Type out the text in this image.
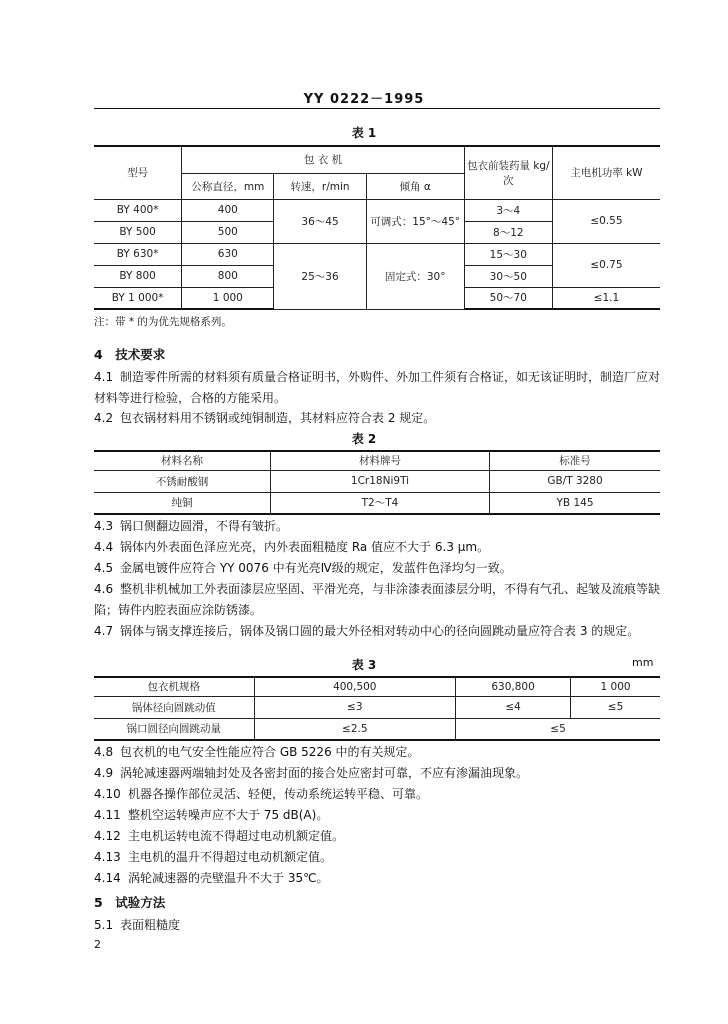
YY 0222－1995
表 1
型号	包 衣 机			包衣前装药量 kg/次	主电机功率 kW
	公称直径，mm	转速，r/min	倾角 α		
BY 400*	400	36～45	可调式：15°～45°	3～4	≤0.55
BY 500	500			8～12	
BY 630*	630	25～36	固定式：30°	15～30	≤0.75
BY 800	800			30～50	
BY 1 000*	1 000			50～70	≤1.1
注：带 * 的为优先规格系列。
4　技术要求
4.1 制造零件所需的材料须有质量合格证明书，外购件、外加工件须有合格证，如无该证明时，制造厂应对材料等进行检验，合格的方能采用。
4.2 包衣锅材料用不锈钢或纯铜制造，其材料应符合表 2 规定。
表 2
材料名称	材料牌号	标准号
不锈耐酸钢	1Cr18Ni9Ti	GB/T 3280
纯铜	T2～T4	YB 145
4.3 锅口侧翻边圆滑，不得有皱折。
4.4 锅体内外表面色泽应光亮，内外表面粗糙度 Ra 值应不大于 6.3 μm。
4.5 金属电镀件应符合 YY 0076 中有光亮Ⅳ级的规定，发蓝件色泽均匀一致。
4.6 整机非机械加工外表面漆层应坚固、平滑光亮，与非涂漆表面漆层分明，不得有气孔、起皱及流痕等缺陷；铸件内腔表面应涂防锈漆。
4.7 锅体与锅支撑连接后，锅体及锅口圆的最大外径相对转动中心的径向圆跳动量应符合表 3 的规定。
表 3	mm
包衣机规格	400,500	630,800	1 000
锅体径向圆跳动值	≤3	≤4	≤5
锅口圆径向圆跳动量	≤2.5	≤5	
4.8 包衣机的电气安全性能应符合 GB 5226 中的有关规定。
4.9 涡轮减速器两端轴封处及各密封面的接合处应密封可靠，不应有渗漏油现象。
4.10 机器各操作部位灵活、轻便，传动系统运转平稳、可靠。
4.11 整机空运转噪声应不大于 75 dB(A)。
4.12 主电机运转电流不得超过电动机额定值。
4.13 主电机的温升不得超过电动机额定值。
4.14 涡轮减速器的壳壁温升不大于 35℃。
5　试验方法
5.1 表面粗糙度
2
